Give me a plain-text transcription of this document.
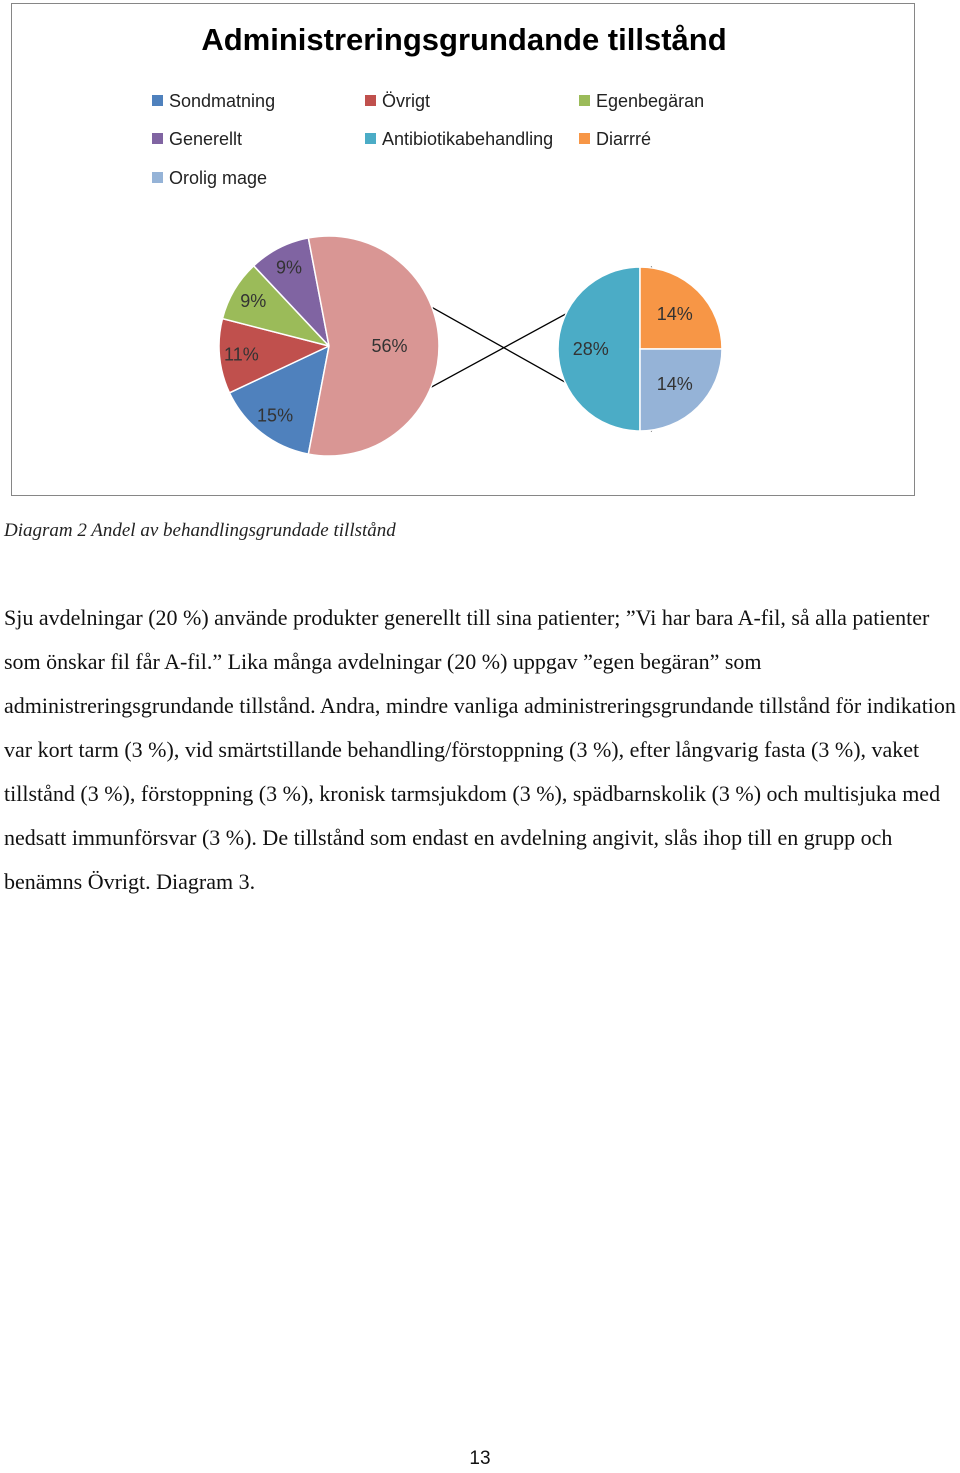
Administreringsgrundande tillstånd
Sondmatning	Övrigt	Egenbegäran
Generellt	Antibiotikabehandling	Diarrré
Orolig mage
15%
11%
9%
9%
56%	28%
14%
14%
Diagram 2 Andel av behandlingsgrundade tillstånd
Sju avdelningar (20 %) använde produkter generellt till sina patienter; ”Vi har bara A-fil, så alla patienter som önskar fil får A-fil.” Lika många avdelningar (20 %) uppgav ”egen begäran” som administreringsgrundande tillstånd. Andra, mindre vanliga administreringsgrundande tillstånd för indikation var kort tarm (3 %), vid smärtstillande behandling/förstoppning (3 %), efter långvarig fasta (3 %), vaket tillstånd (3 %), förstoppning (3 %), kronisk tarmsjukdom (3 %), spädbarnskolik (3 %) och multisjuka med nedsatt immunförsvar (3 %). De tillstånd som endast en avdelning angivit, slås ihop till en grupp och benämns Övrigt. Diagram 3.
13
